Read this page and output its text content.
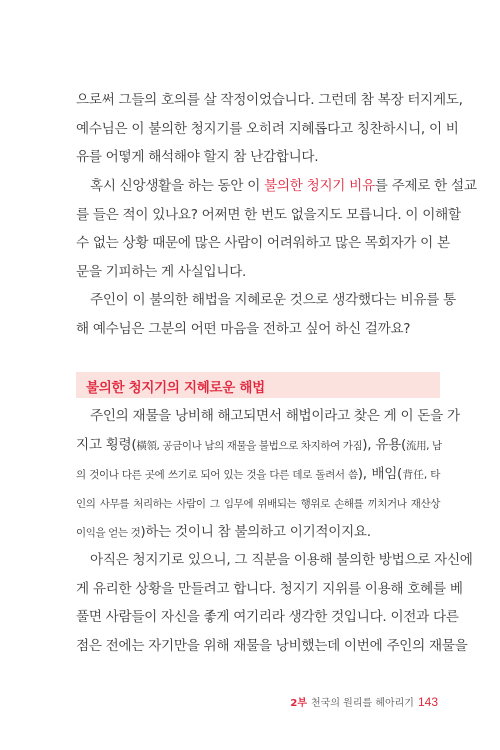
으로써 그들의 호의를 살 작정이었습니다. 그런데 참 복장 터지게도,
예수님은 이 불의한 청지기를 오히려 지혜롭다고 칭찬하시니, 이 비
유를 어떻게 해석해야 할지 참 난감합니다.
혹시 신앙생활을 하는 동안 이 불의한 청지기 비유를 주제로 한 설교
를 들은 적이 있나요? 어쩌면 한 번도 없을지도 모릅니다. 이 이해할
수 없는 상황 때문에 많은 사람이 어려워하고 많은 목회자가 이 본
문을 기피하는 게 사실입니다.
주인이 이 불의한 해법을 지혜로운 것으로 생각했다는 비유를 통
해 예수님은 그분의 어떤 마음을 전하고 싶어 하신 걸까요?
불의한 청지기의 지혜로운 해법
주인의 재물을 낭비해 해고되면서 해법이라고 찾은 게 이 돈을 가
지고 횡령(橫領, 공금이나 남의 재물을 불법으로 차지하여 가짐), 유용(流用, 남
의 것이나 다른 곳에 쓰기로 되어 있는 것을 다른 데로 돌려서 씀), 배임(背任, 타
인의 사무를 처리하는 사람이 그 임무에 위배되는 행위로 손해를 끼치거나 재산상
이익을 얻는 것)하는 것이니 참 불의하고 이기적이지요.
아직은 청지기로 있으니, 그 직분을 이용해 불의한 방법으로 자신에
게 유리한 상황을 만들려고 합니다. 청지기 지위를 이용해 호혜를 베
풀면 사람들이 자신을 좋게 여기리라 생각한 것입니다. 이전과 다른
점은 전에는 자기만을 위해 재물을 낭비했는데 이번에 주인의 재물을
2부 천국의 원리를 헤아리기 143
